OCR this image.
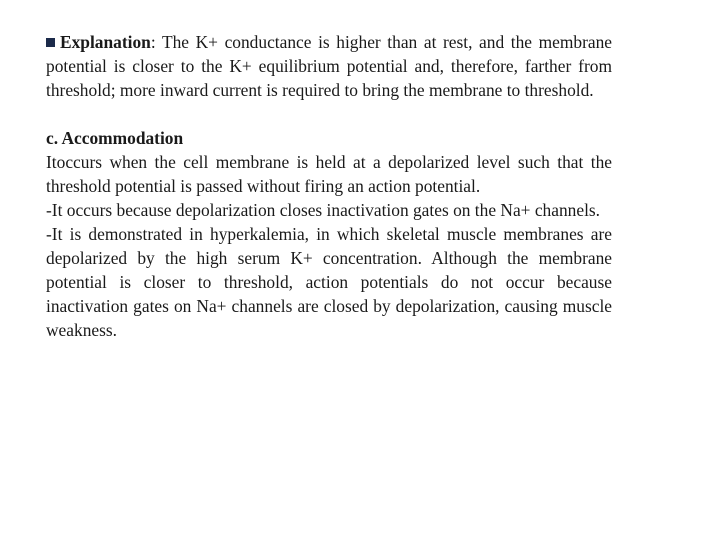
Explanation: The K+ conductance is higher than at rest, and the membrane potential is closer to the K+ equilibrium potential and, therefore, farther from threshold; more inward current is required to bring the membrane to threshold.

c. Accommodation

Itoccurs when the cell membrane is held at a depolarized level such that the threshold potential is passed without firing an action potential.

-It occurs because depolarization closes inactivation gates on the Na+ channels.

-It is demonstrated in hyperkalemia, in which skeletal muscle membranes are depolarized by the high serum K+ concentration. Although the membrane potential is closer to threshold, action potentials do not occur because inactivation gates on Na+ channels are closed by depolarization, causing muscle weakness.
